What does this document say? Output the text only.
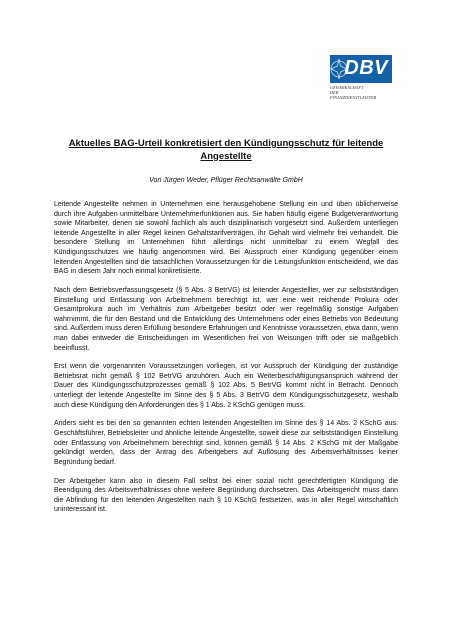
DBV
GEWERKSCHAFT
DER
FINANZDIENSTLEISTER
Aktuelles BAG-Urteil konkretisiert den Kündigungsschutz für leitende Angestellte
Von Jürgen Weder, Pflüger Rechtsanwälte GmbH

Leitende Angestellte nehmen in Unternehmen eine herausgehobene Stellung ein und üben üblicherweise durch ihre Aufgaben unmittelbare Unternehmerfunktionen aus. Sie haben häufig eigene Budgetverantwortung sowie Mitarbeiter, denen sie sowohl fachlich als auch disziplinarisch vorgesetzt sind. Außerdem unterliegen leitende Angestellte in aller Regel keinen Gehaltstarifverträgen, ihr Gehalt wird vielmehr frei verhandelt. Die besondere Stellung im Unternehmen führt allerdings nicht unmittelbar zu einem Wegfall des Kündigungsschutzes wie häufig angenommen wird. Bei Ausspruch einer Kündigung gegenüber einem leitenden Angestellten sind die tatsächlichen Voraussetzungen für die Leitungsfunktion entscheidend, wie das BAG in diesem Jahr noch einmal konkretisierte.

Nach dem Betriebsverfassungsgesetz (§ 5 Abs. 3 BetrVG) ist leitender Angestellter, wer zur selbstständigen Einstellung und Entlassung von Arbeitnehmern berechtigt ist, wer eine weit reichende Prokura oder Gesamtprokura auch im Verhältnis zum Arbeitgeber besitzt oder wer regelmäßig sonstige Aufgaben wahrnimmt, die für den Bestand und die Entwicklung des Unternehmens oder eines Betriebs von Bedeutung sind. Außerdem muss deren Erfüllung besondere Erfahrungen und Kenntnisse voraussetzen, etwa dann, wenn man dabei entweder die Entscheidungen im Wesentlichen frei von Weisungen trifft oder sie maßgeblich beeinflusst.

Erst wenn die vorgenannten Voraussetzungen vorliegen, ist vor Ausspruch der Kündigung der zuständige Betriebsrat nicht gemäß § 102 BetrVG anzuhören. Auch ein Weiterbeschäftigungsanspruch während der Dauer des Kündigungsschutzprozesses gemäß § 102 Abs. 5 BetrVG kommt nicht in Betracht. Dennoch unterliegt der leitende Angestellte im Sinne des § 5 Abs. 3 BetrVG dem Kündigungsschutzgesetz, weshalb auch diese Kündigung den Anforderungen des § 1 Abs. 2 KSchG genügen muss.

Anders sieht es bei den so genannten echten leitenden Angestellten im Sinne des § 14 Abs. 2 KSchG aus. Geschäftsführer, Betriebsleiter und ähnliche leitende Angestellte, soweit diese zur selbstständigen Einstellung oder Entlassung von Arbeitnehmern berechtigt sind, können gemäß § 14 Abs. 2 KSchG mit der Maßgabe gekündigt werden, dass der Antrag des Arbeitgebers auf Auflösung des Arbeitsverhältnisses keiner Begründung bedarf.

Der Arbeitgeber kann also in diesem Fall selbst bei einer sozial nicht gerechtfertigten Kündigung die Beendigung des Arbeitsverhältnisses ohne weitere Begründung durchsetzen. Das Arbeitsgericht muss dann die Abfindung für den leitenden Angestellten nach § 10 KSchG festsetzen, was in aller Regel wirtschaftlich uninteressant ist.
